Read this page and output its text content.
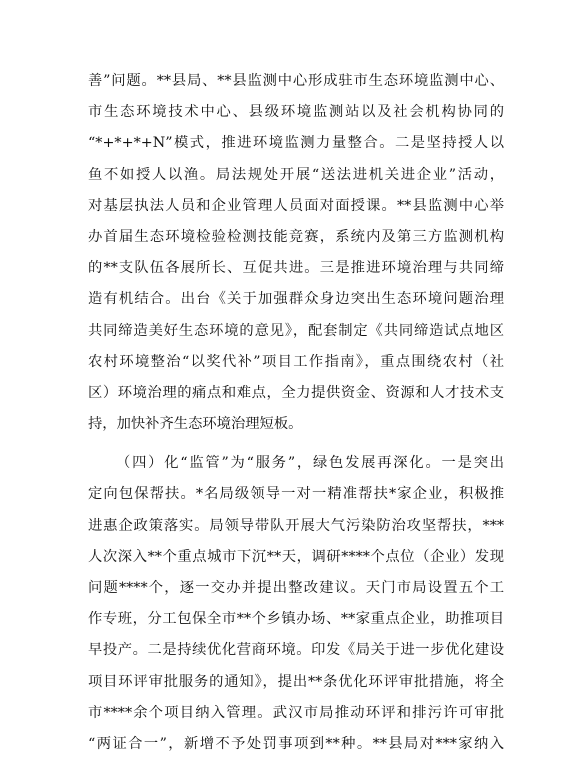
善”问题。**县局、**县监测中心形成驻市生态环境监测中心、
市生态环境技术中心、县级环境监测站以及社会机构协同的
“*+*+*+N”模式，推进环境监测力量整合。二是坚持授人以
鱼不如授人以渔。局法规处开展“送法进机关进企业”活动，
对基层执法人员和企业管理人员面对面授课。**县监测中心举
办首届生态环境检验检测技能竞赛，系统内及第三方监测机构
的**支队伍各展所长、互促共进。三是推进环境治理与共同缔
造有机结合。出台《关于加强群众身边突出生态环境问题治理
共同缔造美好生态环境的意见》，配套制定《共同缔造试点地区
农村环境整治“以奖代补”项目工作指南》，重点围绕农村（社
区）环境治理的痛点和难点，全力提供资金、资源和人才技术支
持，加快补齐生态环境治理短板。
（四）化“监管”为“服务”，绿色发展再深化。一是突出
定向包保帮扶。*名局级领导一对一精准帮扶*家企业，积极推
进惠企政策落实。局领导带队开展大气污染防治攻坚帮扶，***
人次深入**个重点城市下沉**天，调研****个点位（企业）发现
问题****个，逐一交办并提出整改建议。天门市局设置五个工
作专班，分工包保全市**个乡镇办场、**家重点企业，助推项目
早投产。二是持续优化营商环境。印发《局关于进一步优化建设
项目环评审批服务的通知》，提出**条优化环评审批措施，将全
市****余个项目纳入管理。武汉市局推动环评和排污许可审批
“两证合一”，新增不予处罚事项到**种。**县局对***家纳入
